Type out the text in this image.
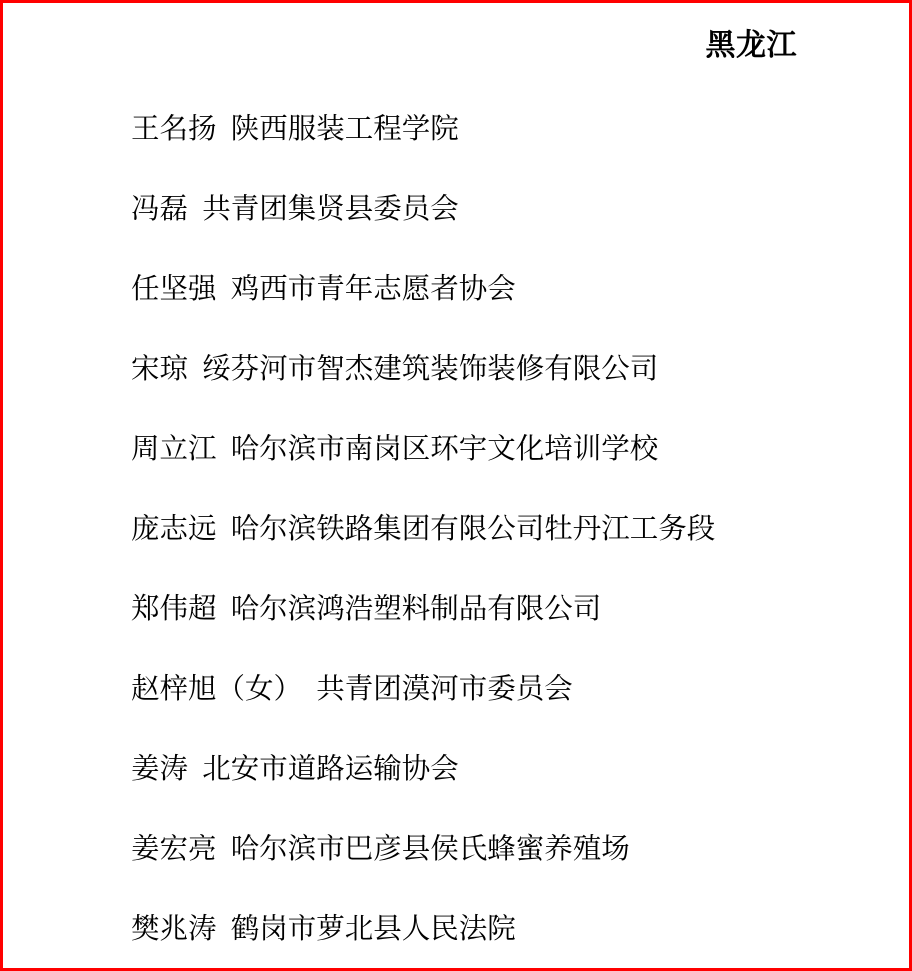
黑龙江

王名扬 陕西服装工程学院

冯磊 共青团集贤县委员会

任坚强 鸡西市青年志愿者协会

宋琼 绥芬河市智杰建筑装饰装修有限公司

周立江 哈尔滨市南岗区环宇文化培训学校

庞志远 哈尔滨铁路集团有限公司牡丹江工务段

郑伟超 哈尔滨鸿浩塑料制品有限公司

赵梓旭（女） 共青团漠河市委员会

姜涛 北安市道路运输协会

姜宏亮 哈尔滨市巴彦县侯氏蜂蜜养殖场

樊兆涛 鹤岗市萝北县人民法院
